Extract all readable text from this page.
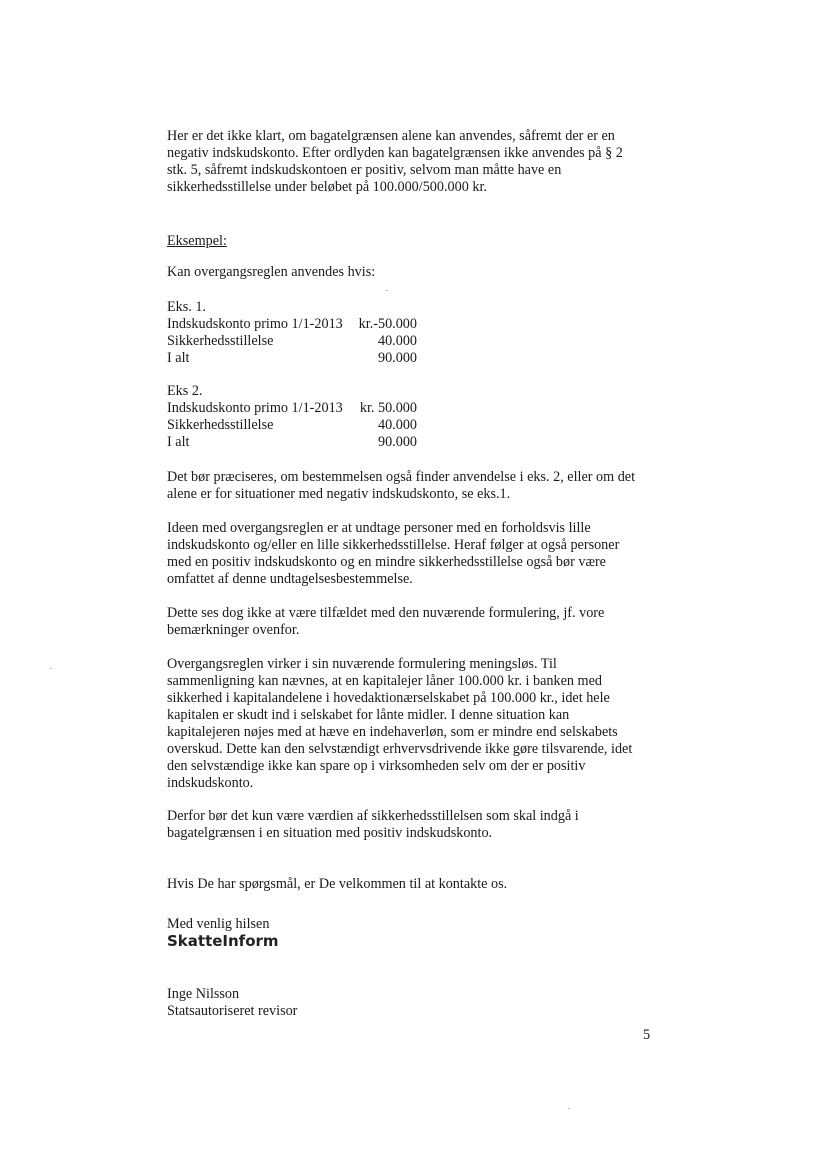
Her er det ikke klart, om bagatelgrænsen alene kan anvendes, såfremt der er en
negativ indskudskonto. Efter ordlyden kan bagatelgrænsen ikke anvendes på § 2
stk. 5, såfremt indskudskontoen er positiv, selvom man måtte have en
sikkerhedsstillelse under beløbet på 100.000/500.000 kr.

Eksempel:

Kan overgangsreglen anvendes hvis:

Eks. 1.
Indskudskonto primo 1/1-2013 kr.-50.000
Sikkerhedsstillelse	40.000
I alt	90.000
Eks 2.
Indskudskonto primo 1/1-2013 kr. 50.000
Sikkerhedsstillelse	40.000
I alt	90.000

Det bør præciseres, om bestemmelsen også finder anvendelse i eks. 2, eller om det
alene er for situationer med negativ indskudskonto, se eks.1.

Ideen med overgangsreglen er at undtage personer med en forholdsvis lille
indskudskonto og/eller en lille sikkerhedsstillelse. Heraf følger at også personer
med en positiv indskudskonto og en mindre sikkerhedsstillelse også bør være
omfattet af denne undtagelsesbestemmelse.

Dette ses dog ikke at være tilfældet med den nuværende formulering, jf. vore
bemærkninger ovenfor.

Overgangsreglen virker i sin nuværende formulering meningsløs. Til
sammenligning kan nævnes, at en kapitalejer låner 100.000 kr. i banken med
sikkerhed i kapitalandelene i hovedaktionærselskabet på 100.000 kr., idet hele
kapitalen er skudt ind i selskabet for lånte midler. I denne situation kan
kapitalejeren nøjes med at hæve en indehaverløn, som er mindre end selskabets
overskud. Dette kan den selvstændigt erhvervsdrivende ikke gøre tilsvarende, idet
den selvstændige ikke kan spare op i virksomheden selv om der er positiv
indskudskonto.

Derfor bør det kun være værdien af sikkerhedsstillelsen som skal indgå i
bagatelgrænsen i en situation med positiv indskudskonto.

Hvis De har spørgsmål, er De velkommen til at kontakte os.

Med venlig hilsen

SkatteInform

Inge Nilsson

Statsautoriseret revisor

5
